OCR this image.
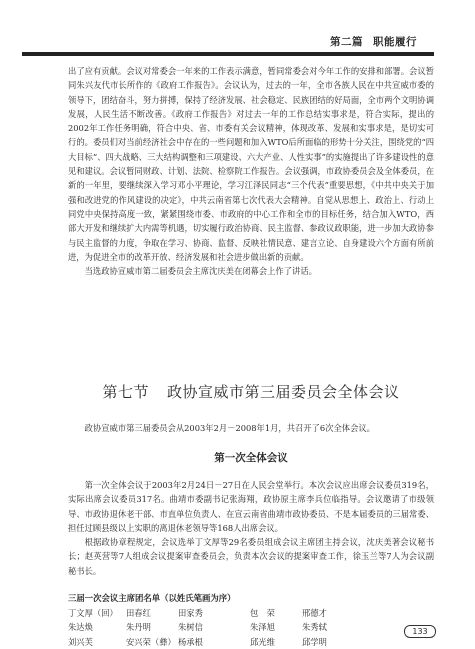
第二篇 职能履行

出了应有贡献。会议对常委会一年来的工作表示满意，暂同常委会对今年工作的安排和部署。会议暂同朱兴友代市长所作的《政府工作报告》。会议认为，过去的一年，全市各族人民在中共宣威市委的领导下，团结奋斗，努力拼搏，保持了经济发展、社会稳定、民族团结的好局面，全市两个文明协调发展，人民生活不断改善。《政府工作报告》对过去一年的工作总结实事求是，符合实际，提出的2002年工作任务明确，符合中央、省、市委有关会议精神，体现改革、发展和实事求是，是切实可行的。委员们对当前经济社会中存在的一些问题和加入WTO后所面临的形势十分关注，围绕党的“四大目标”、四大战略、三大结构调整和三项建设、六大产业、人性实事”的实施提出了许多建设性的意见和建议。会议暂同财政、计划、法院、检察院工作报告。会议强调，市政协委员会及全体委员，在新的一年里，要继续深入学习邓小平理论，学习江泽民同志“三个代表”重要思想，《中共中央关于加强和改进党的作风建设的决定》，中共云南省第七次代表大会精神。自觉从思想上、政治上、行动上同党中央保持高度一致，紧紧围绕市委、市政府的中心工作和全市的目标任务，结合加入WTO，西部大开发和继续扩大内需等机遇，切实履行政治协商、民主监督、参政议政职能，进一步加大政协参与民主监督的力度，争取在学习、协商、监督、反映社情民意、建言立论、自身建设六个方面有所前进，为促进全市的改革开放、经济发展和社会进步做出新的贡献。

当选政协宣威市第二届委员会主席沈庆美在闭幕会上作了讲话。

第七节 政协宣威市第三届委员会全体会议
政协宣威市第三届委员会从2003年2月－2008年1月，共召开了6次全体会议。
第一次全体会议

第一次全体会议于2003年2月24日－27日在人民会堂举行。本次会议应出席会议委员319名，实际出席会议委员317名。曲靖市委副书记张海翔，政协原主席李兵位临指导。会议邀请了市级领导、市政协退休老干部、市直单位负责人、在宣云南省曲靖市政协委员、不是本届委员的三届常委、担任过顾县级以上实职的离退休老领导等168人出席会议。

根据政协章程规定，会议选举丁文厚等29名委员组成会议主席团主持会议，沈庆美著会议秘书长；赵英营等7人组成会议提案审查委员会，负责本次会议的提案审查工作，徐玉兰等7人为会议副秘书长。

三届一次会议主席团名单（以姓氏笔画为序）
丁文厚（回） 田春红	田家秀	包　荣	邢德才
朱达焕	朱丹明	朱树信	朱泽旭	朱秀轼
刘兴芙	安兴荣（彝） 杨承根	邱光维	邱学明
133
